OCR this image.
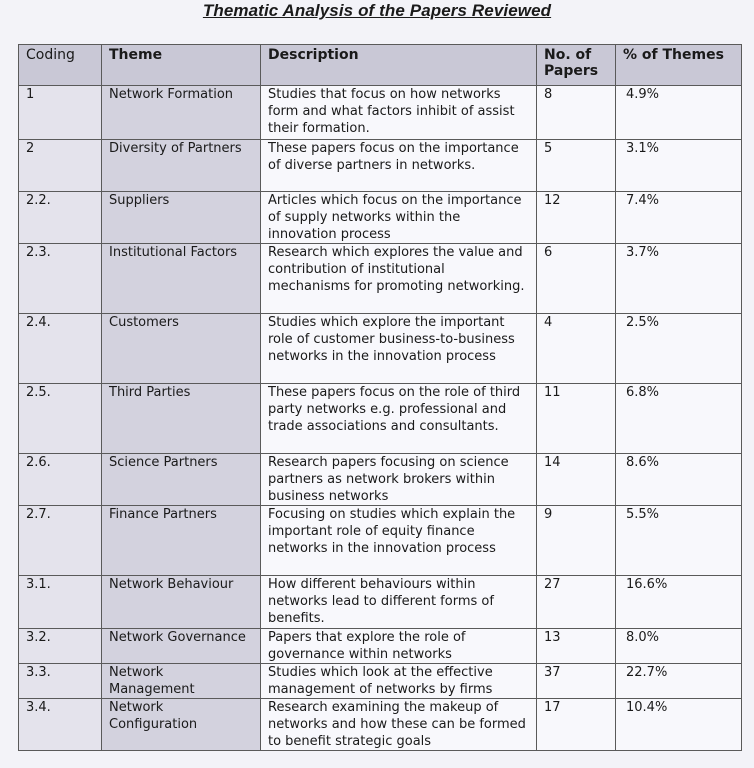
Thematic Analysis of the Papers Reviewed
Coding	Theme	Description	No. of Papers	% of Themes
1	Network Formation	Studies that focus on how networks form and what factors inhibit of assist their formation.	8	4.9%
2	Diversity of Partners	These papers focus on the importance of diverse partners in networks.	5	3.1%
2.2.	Suppliers	Articles which focus on the importance of supply networks within the innovation process	12	7.4%
2.3.	Institutional Factors	Research which explores the value and contribution of institutional mechanisms for promoting networking.	6	3.7%
2.4.	Customers	Studies which explore the important role of customer business-to-business networks in the innovation process	4	2.5%
2.5.	Third Parties	These papers focus on the role of third party networks e.g. professional and trade associations and consultants.	11	6.8%
2.6.	Science Partners	Research papers focusing on science partners as network brokers within business networks	14	8.6%
2.7.	Finance Partners	Focusing on studies which explain the important role of equity finance networks in the innovation process	9	5.5%
3.1.	Network Behaviour	How different behaviours within networks lead to different forms of benefits.	27	16.6%
3.2.	Network Governance	Papers that explore the role of governance within networks	13	8.0%
3.3.	Network Management	Studies which look at the effective management of networks by firms	37	22.7%
3.4.	Network Configuration	Research examining the makeup of networks and how these can be formed to benefit strategic goals	17	10.4%
